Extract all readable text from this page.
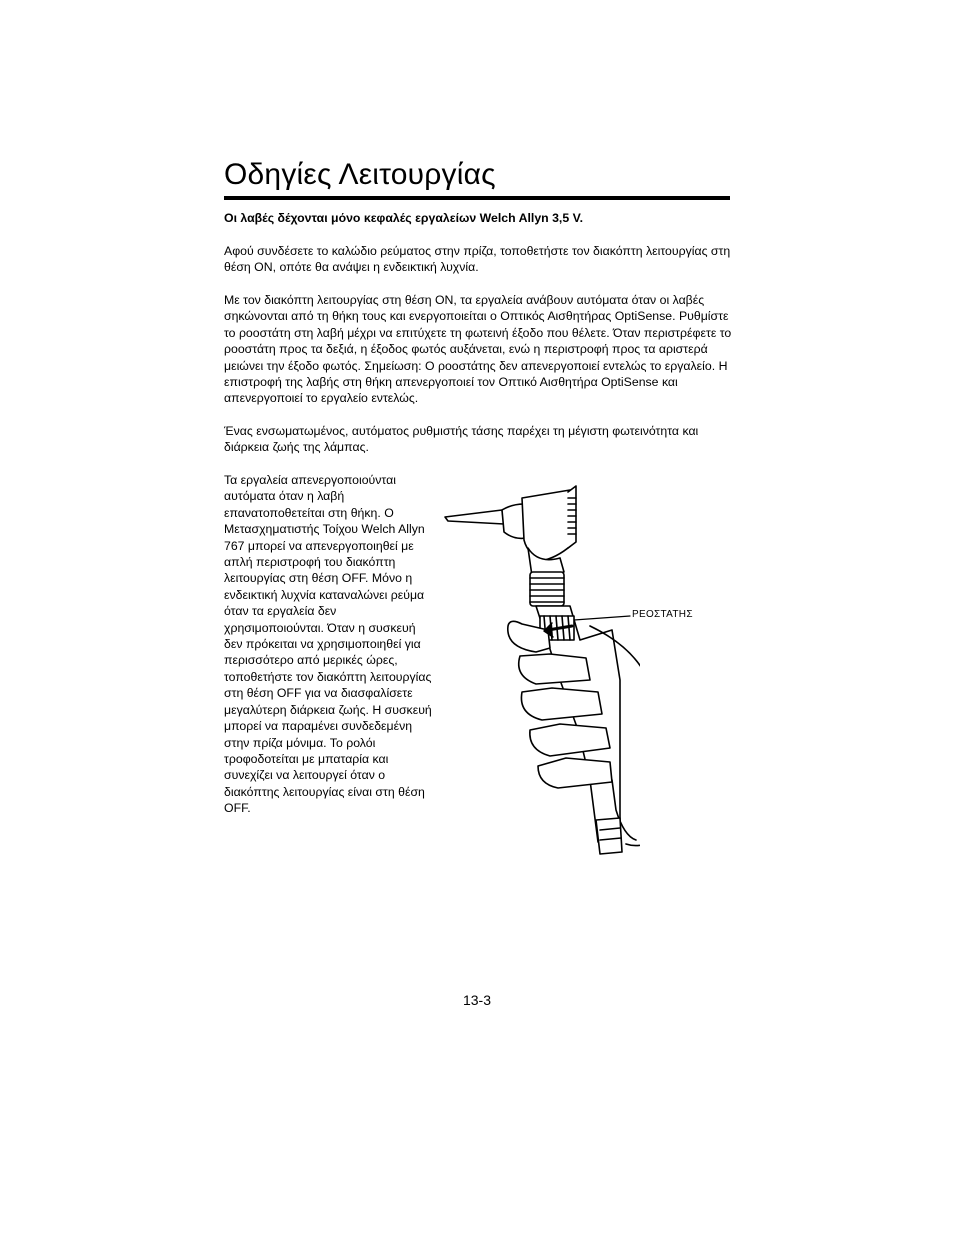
Οδηγίες Λειτουργίας

Οι λαβές δέχονται μόνο κεφαλές εργαλείων Welch Allyn 3,5 V.

Αφού συνδέσετε το καλώδιο ρεύματος στην πρίζα, τοποθετήστε τον διακόπτη λειτουργίας στη θέση ON, οπότε θα ανάψει η ενδεικτική λυχνία.

Με τον διακόπτη λειτουργίας στη θέση ON, τα εργαλεία ανάβουν αυτόματα όταν οι λαβές σηκώνονται από τη θήκη τους και ενεργοποιείται ο Οπτικός Αισθητήρας OptiSense. Ρυθμίστε το ροοστάτη στη λαβή μέχρι να επιτύχετε τη φωτεινή έξοδο που θέλετε. Όταν περιστρέφετε το ροοστάτη προς τα δεξιά, η έξοδος φωτός αυξάνεται, ενώ η περιστροφή προς τα αριστερά μειώνει την έξοδο φωτός. Σημείωση: Ο ροοστάτης δεν απενεργοποιεί εντελώς το εργαλείο. Η επιστροφή της λαβής στη θήκη απενεργοποιεί τον Οπτικό Αισθητήρα OptiSense και απενεργοποιεί το εργαλείο εντελώς.

Ένας ενσωματωμένος, αυτόματος ρυθμιστής τάσης παρέχει τη μέγιστη φωτεινότητα και διάρκεια ζωής της λάμπας.

Τα εργαλεία απενεργοποιούνται αυτόματα όταν η λαβή επανατοποθετείται στη θήκη. Ο Μετασχηματιστής Τοίχου Welch Allyn 767 μπορεί να απενεργοποιηθεί με απλή περιστροφή του διακόπτη λειτουργίας στη θέση OFF. Μόνο η ενδεικτική λυχνία καταναλώνει ρεύμα όταν τα εργαλεία δεν χρησιμοποιούνται. Όταν η συσκευή δεν πρόκειται να χρησιμοποιηθεί για περισσότερο από μερικές ώρες, τοποθετήστε τον διακόπτη λειτουργίας στη θέση OFF για να διασφαλίσετε μεγαλύτερη διάρκεια ζωής. Η συσκευή μπορεί να παραμένει συνδεδεμένη στην πρίζα μόνιμα. Το ρολόι τροφοδοτείται με μπαταρία και συνεχίζει να λειτουργεί όταν ο διακόπτης λειτουργίας είναι στη θέση OFF.

ΡΕΟΣΤΑΤΗΣ

13-3
